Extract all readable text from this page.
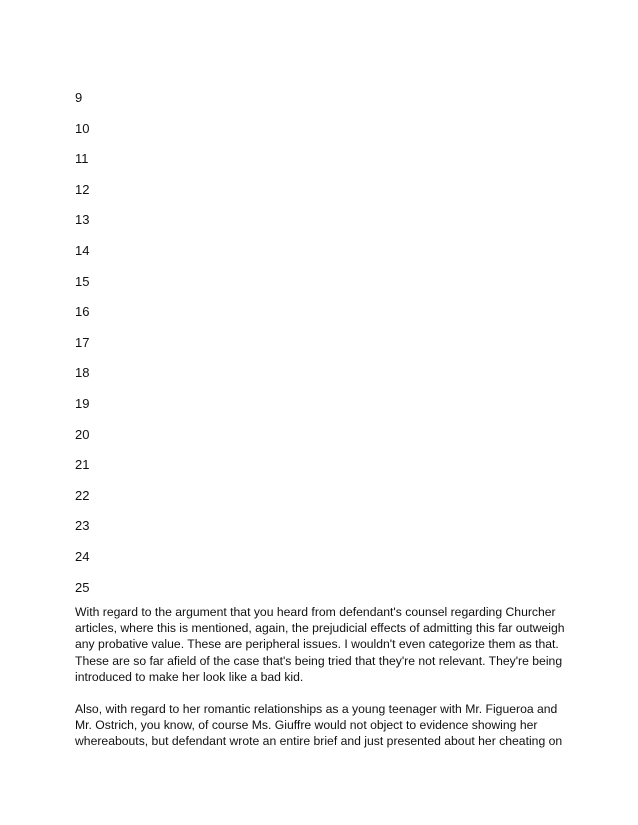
9
10
11
12
13
14
15
16
17
18
19
20
21
22
23
24
25

With regard to the argument that you heard from defendant's counsel regarding Churcher articles, where this is mentioned, again, the prejudicial effects of admitting this far outweigh any probative value. These are peripheral issues. I wouldn't even categorize them as that. These are so far afield of the case that's being tried that they're not relevant. They're being introduced to make her look like a bad kid.

Also, with regard to her romantic relationships as a young teenager with Mr. Figueroa and Mr. Ostrich, you know, of course Ms. Giuffre would not object to evidence showing her whereabouts, but defendant wrote an entire brief and just presented about her cheating on
